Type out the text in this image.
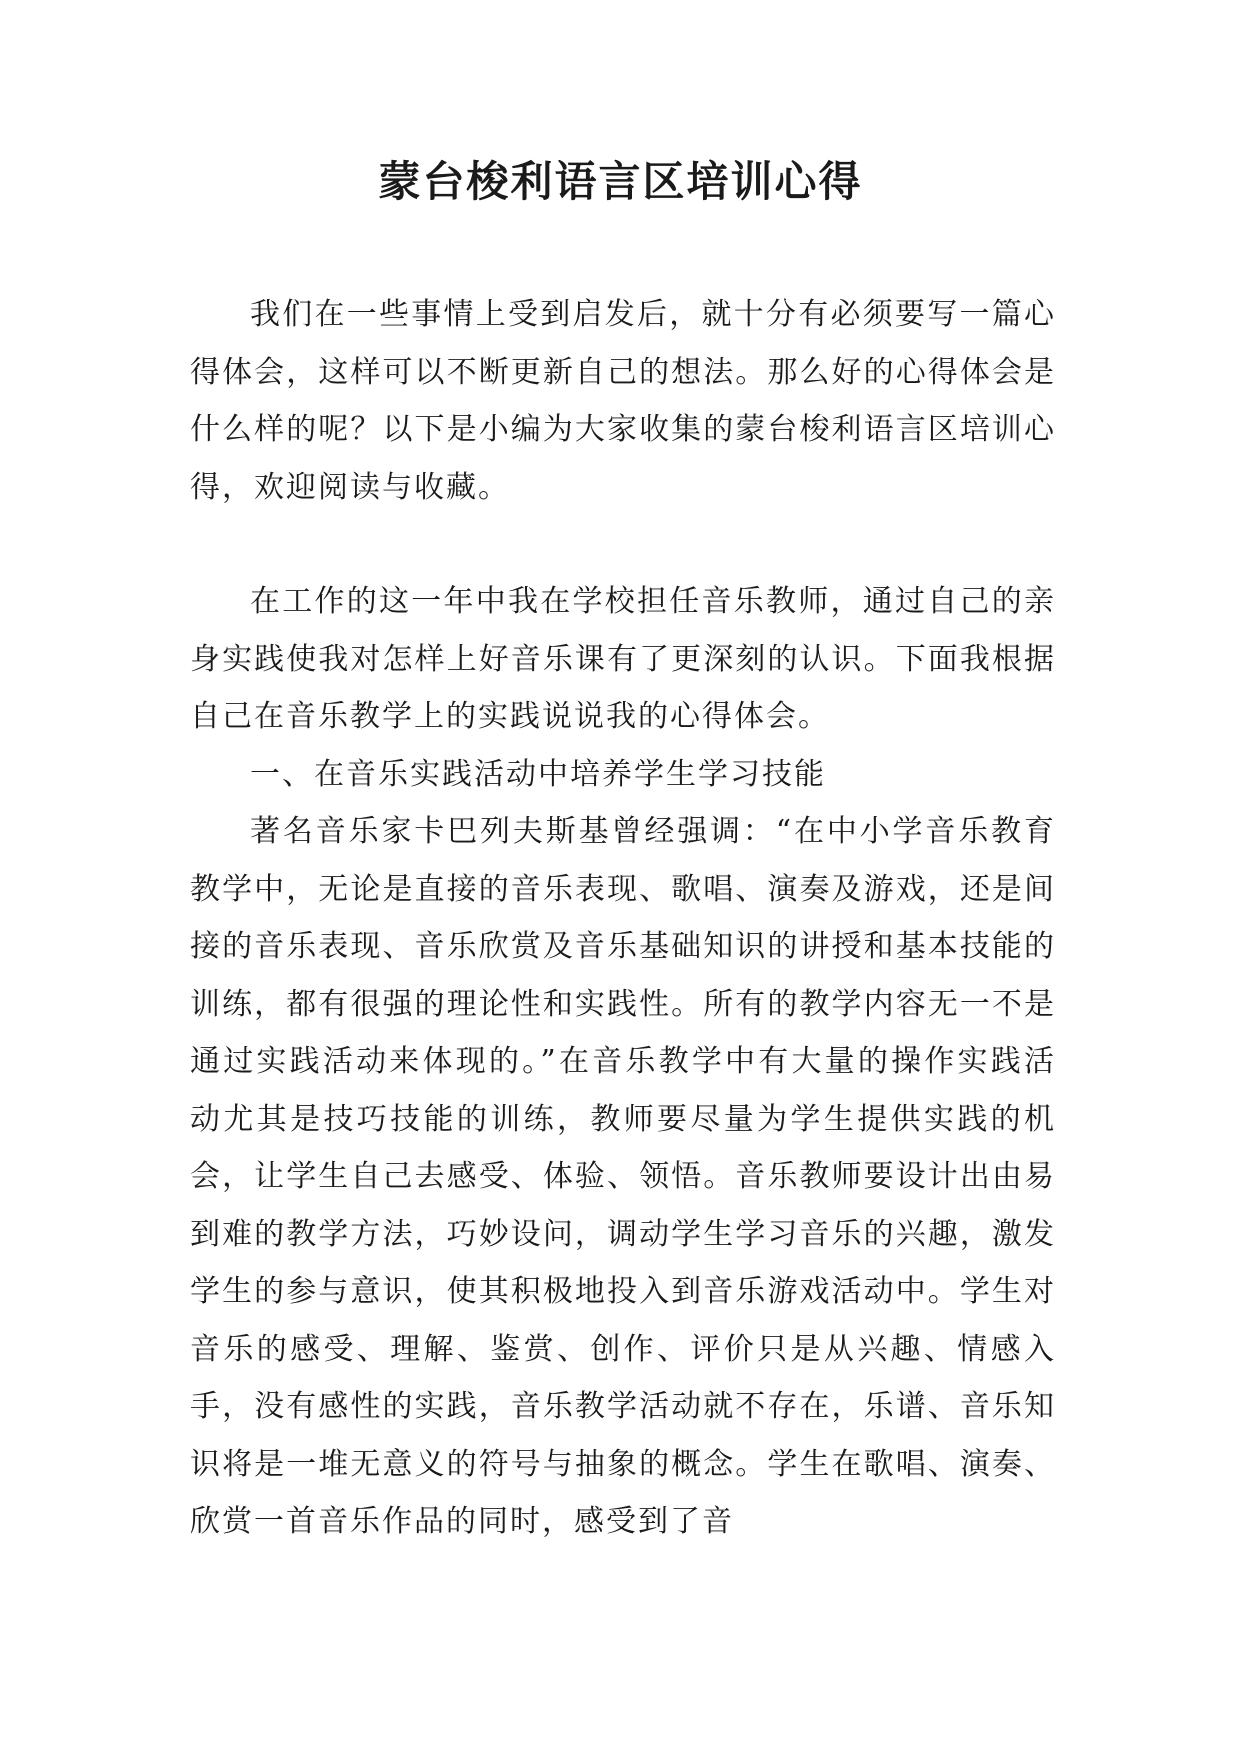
蒙台梭利语言区培训心得

我们在一些事情上受到启发后，就十分有必须要写一篇心得体会，这样可以不断更新自己的想法。那么好的心得体会是什么样的呢？以下是小编为大家收集的蒙台梭利语言区培训心得，欢迎阅读与收藏。

在工作的这一年中我在学校担任音乐教师，通过自己的亲身实践使我对怎样上好音乐课有了更深刻的认识。下面我根据自己在音乐教学上的实践说说我的心得体会。

一、在音乐实践活动中培养学生学习技能

著名音乐家卡巴列夫斯基曾经强调：“在中小学音乐教育教学中，无论是直接的音乐表现、歌唱、演奏及游戏，还是间接的音乐表现、音乐欣赏及音乐基础知识的讲授和基本技能的训练，都有很强的理论性和实践性。所有的教学内容无一不是通过实践活动来体现的。”在音乐教学中有大量的操作实践活动尤其是技巧技能的训练，教师要尽量为学生提供实践的机会，让学生自己去感受、体验、领悟。音乐教师要设计出由易到难的教学方法，巧妙设问，调动学生学习音乐的兴趣，激发学生的参与意识，使其积极地投入到音乐游戏活动中。学生对音乐的感受、理解、鉴赏、创作、评价只是从兴趣、情感入手，没有感性的实践，音乐教学活动就不存在，乐谱、音乐知识将是一堆无意义的符号与抽象的概念。学生在歌唱、演奏、欣赏一首音乐作品的同时，感受到了音
